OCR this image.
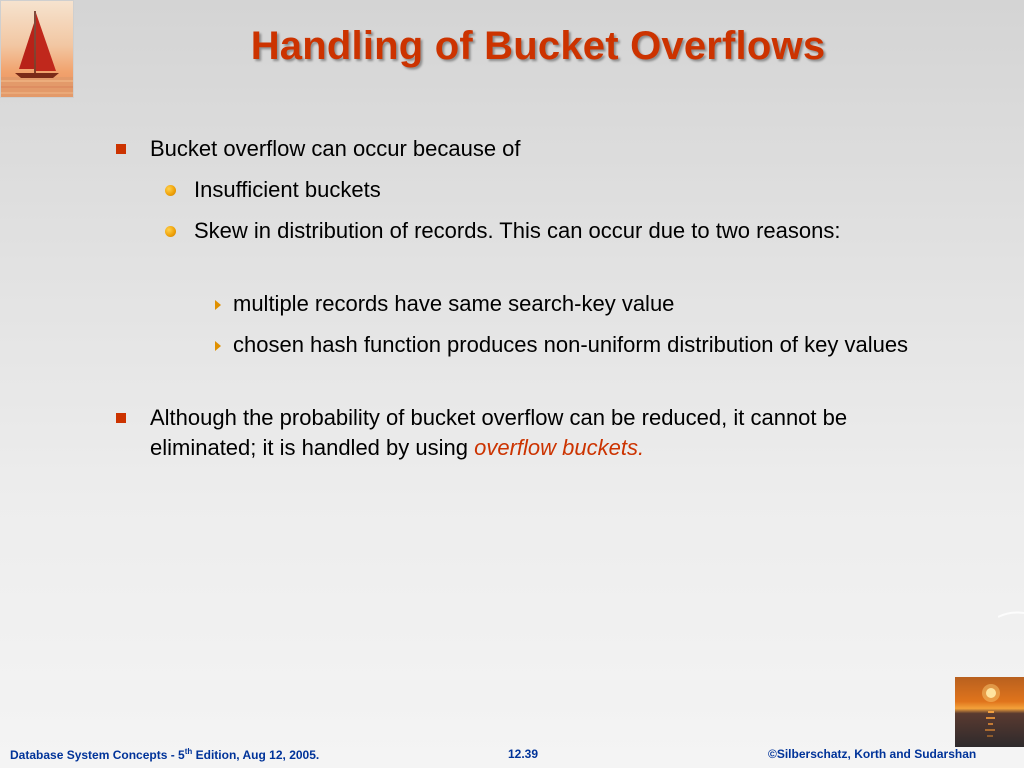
Handling of Bucket Overflows
Bucket overflow can occur because of
Insufficient buckets
Skew in distribution of records. This can occur due to two reasons:
multiple records have same search-key value
chosen hash function produces non-uniform distribution of key values
Although the probability of bucket overflow can be reduced, it cannot be eliminated; it is handled by using overflow buckets.
Database System Concepts - 5th Edition, Aug 12, 2005.	12.39	©Silberschatz, Korth and Sudarshan
